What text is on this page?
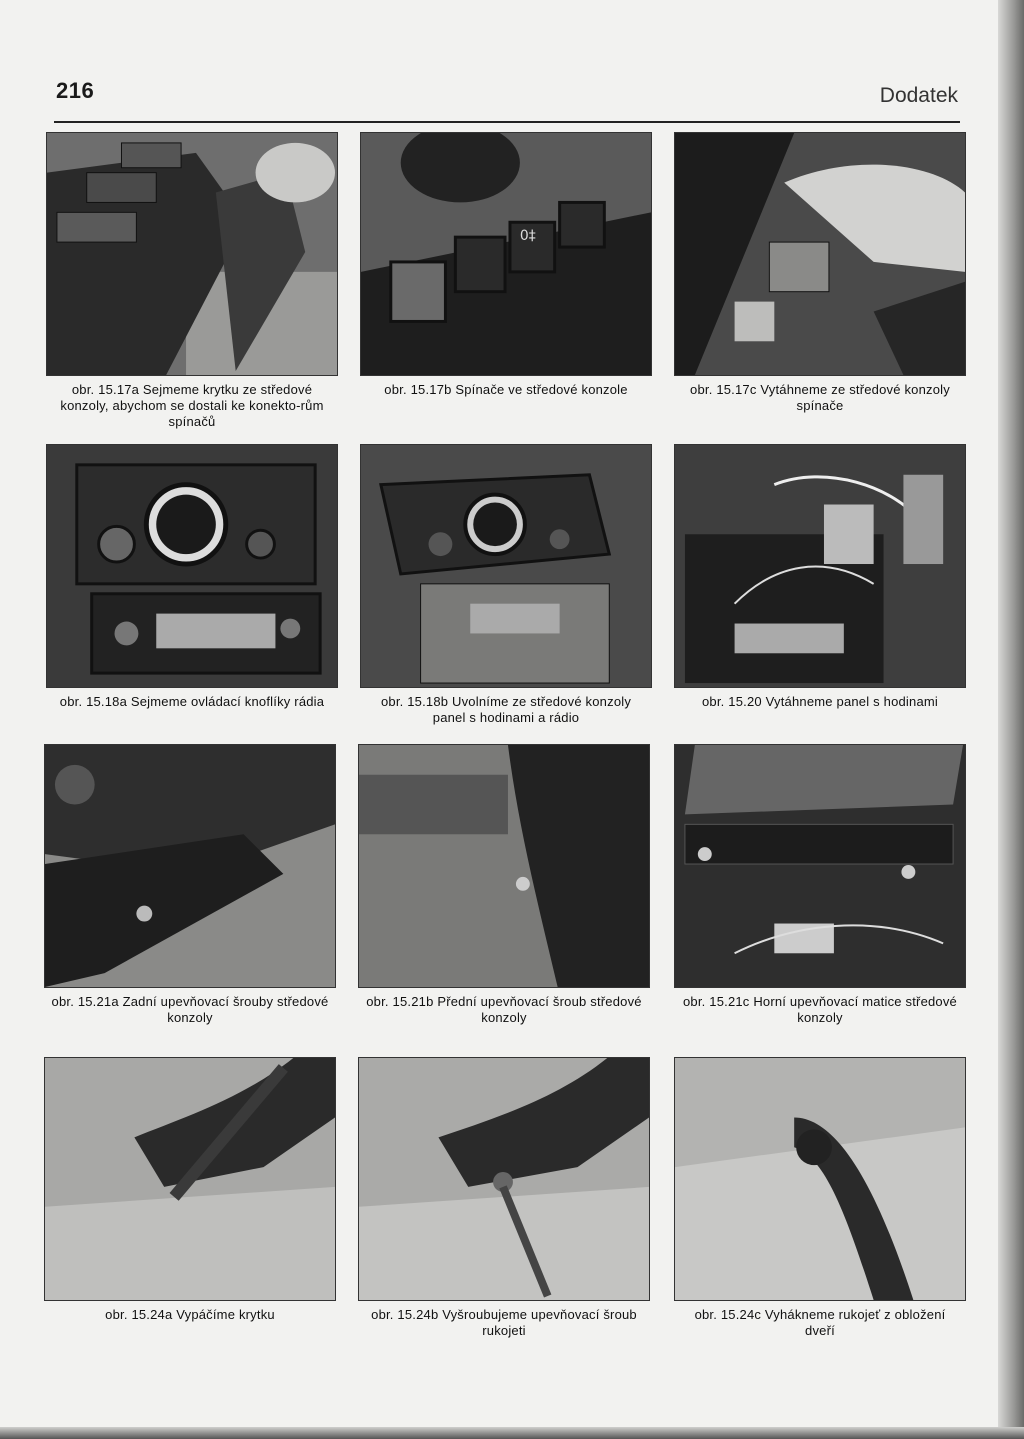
216	Dodatek
obr. 15.17a Sejmeme krytku ze středové konzoly, abychom se dostali ke konekto-rům spínačů
0‡
obr. 15.17b Spínače ve středové konzole	obr. 15.17c Vytáhneme ze středové konzoly spínače
obr. 15.18a Sejmeme ovládací knoflíky rádia	obr. 15.18b Uvolníme ze středové konzoly panel s hodinami a rádio
obr. 15.20 Vytáhneme panel s hodinami
obr. 15.21a Zadní upevňovací šrouby středové konzoly
obr. 15.21b Přední upevňovací šroub středové konzoly
obr. 15.21c Horní upevňovací matice středové konzoly
obr. 15.24a Vypáčíme krytku	obr. 15.24b Vyšroubujeme upevňovací šroub rukojeti
obr. 15.24c Vyhákneme rukojeť z obložení dveří
